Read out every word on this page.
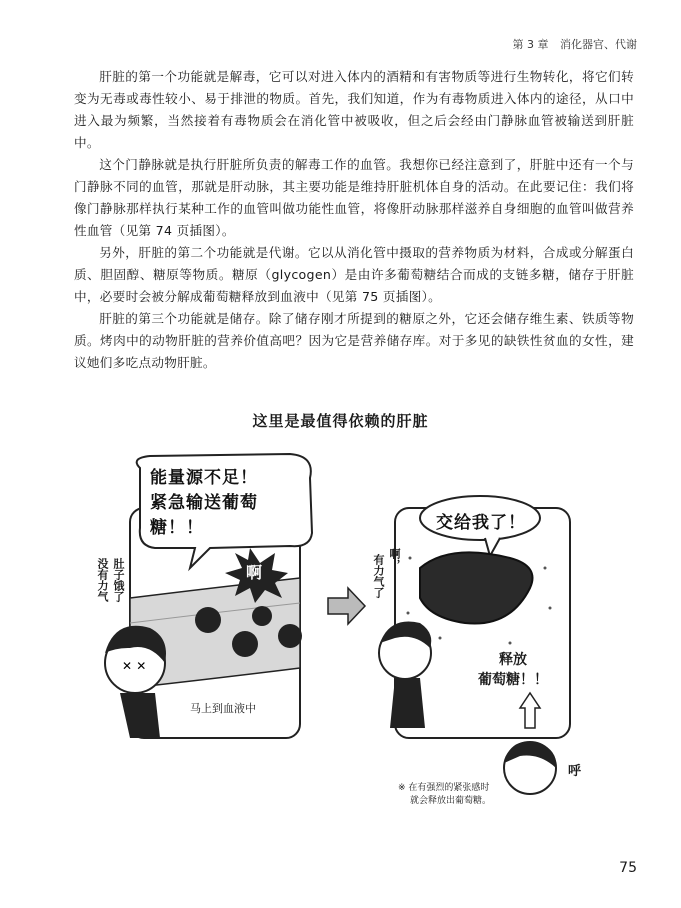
第 3 章 消化器官、代谢

肝脏的第一个功能就是解毒，它可以对进入体内的酒精和有害物质等进行生物转化，将它们转变为无毒或毒性较小、易于排泄的物质。首先，我们知道，作为有毒物质进入体内的途径，从口中进入最为频繁，当然接着有毒物质会在消化管中被吸收，但之后会经由门静脉血管被输送到肝脏中。

这个门静脉就是执行肝脏所负责的解毒工作的血管。我想你已经注意到了，肝脏中还有一个与门静脉不同的血管，那就是肝动脉，其主要功能是维持肝脏机体自身的活动。在此要记住：我们将像门静脉那样执行某种工作的血管叫做功能性血管，将像肝动脉那样滋养自身细胞的血管叫做营养性血管（见第 74 页插图）。

另外，肝脏的第二个功能就是代谢。它以从消化管中摄取的营养物质为材料，合成或分解蛋白质、胆固醇、糖原等物质。糖原（glycogen）是由许多葡萄糖结合而成的支链多糖，储存于肝脏中，必要时会被分解成葡萄糖释放到血液中（见第 75 页插图）。

肝脏的第三个功能就是储存。除了储存刚才所提到的糖原之外，它还会储存维生素、铁质等物质。烤肉中的动物肝脏的营养价值高吧？因为它是营养储存库。对于多见的缺铁性贫血的女性，建议她们多吃点动物肝脏。

这里是最值得依赖的肝脏
✕ ✕
能量源不足！
紧急输送葡萄
糖！！
啊
没有力气 肚子饿了
马上到血液中
交给我了！
有力气了 啊，
释放
葡萄糖！！
呼
※ 在有强烈的紧张感时
就会释放出葡萄糖。
75
